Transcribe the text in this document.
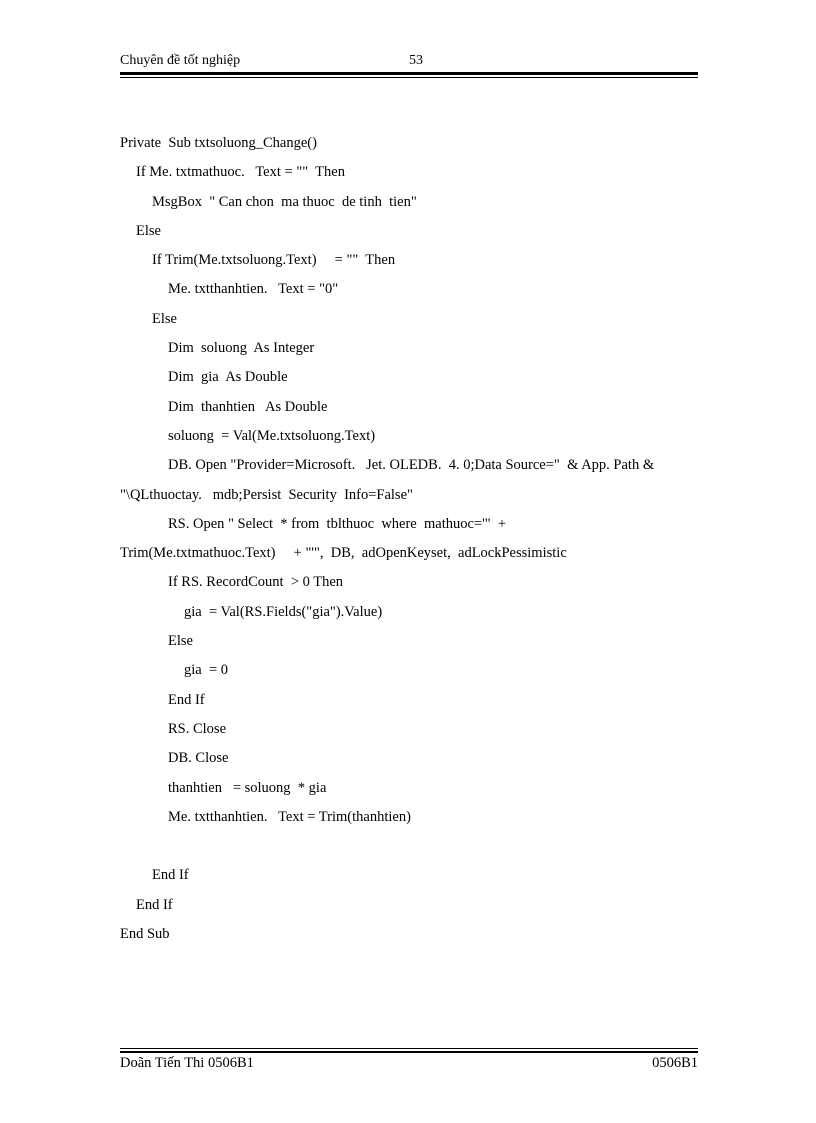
Chuyên đề tốt nghiệp	53
Private  Sub txtsoluong_Change()
If Me. txtmathuoc.   Text = ""  Then
MsgBox  " Can chon  ma thuoc  de tinh  tien"
Else
If Trim(Me.txtsoluong.Text)     = ""  Then
Me. txtthanhtien.   Text = "0"
Else
Dim  soluong  As Integer
Dim  gia  As Double
Dim  thanhtien   As Double
soluong  = Val(Me.txtsoluong.Text)
DB. Open "Provider=Microsoft.   Jet. OLEDB.  4. 0;Data Source="  & App. Path &
"\QLthuoctay.   mdb;Persist  Security  Info=False"
RS. Open " Select  * from  tblthuoc  where  mathuoc='"  +
Trim(Me.txtmathuoc.Text)     + "'",  DB,  adOpenKeyset,  adLockPessimistic
If RS. RecordCount  > 0 Then
gia  = Val(RS.Fields("gia").Value)
Else
gia  = 0
End If
RS. Close
DB. Close
thanhtien   = soluong  * gia
Me. txtthanhtien.   Text = Trim(thanhtien)
End If
End If
End Sub
Doãn Tiến Thi 0506B1	0506B1
